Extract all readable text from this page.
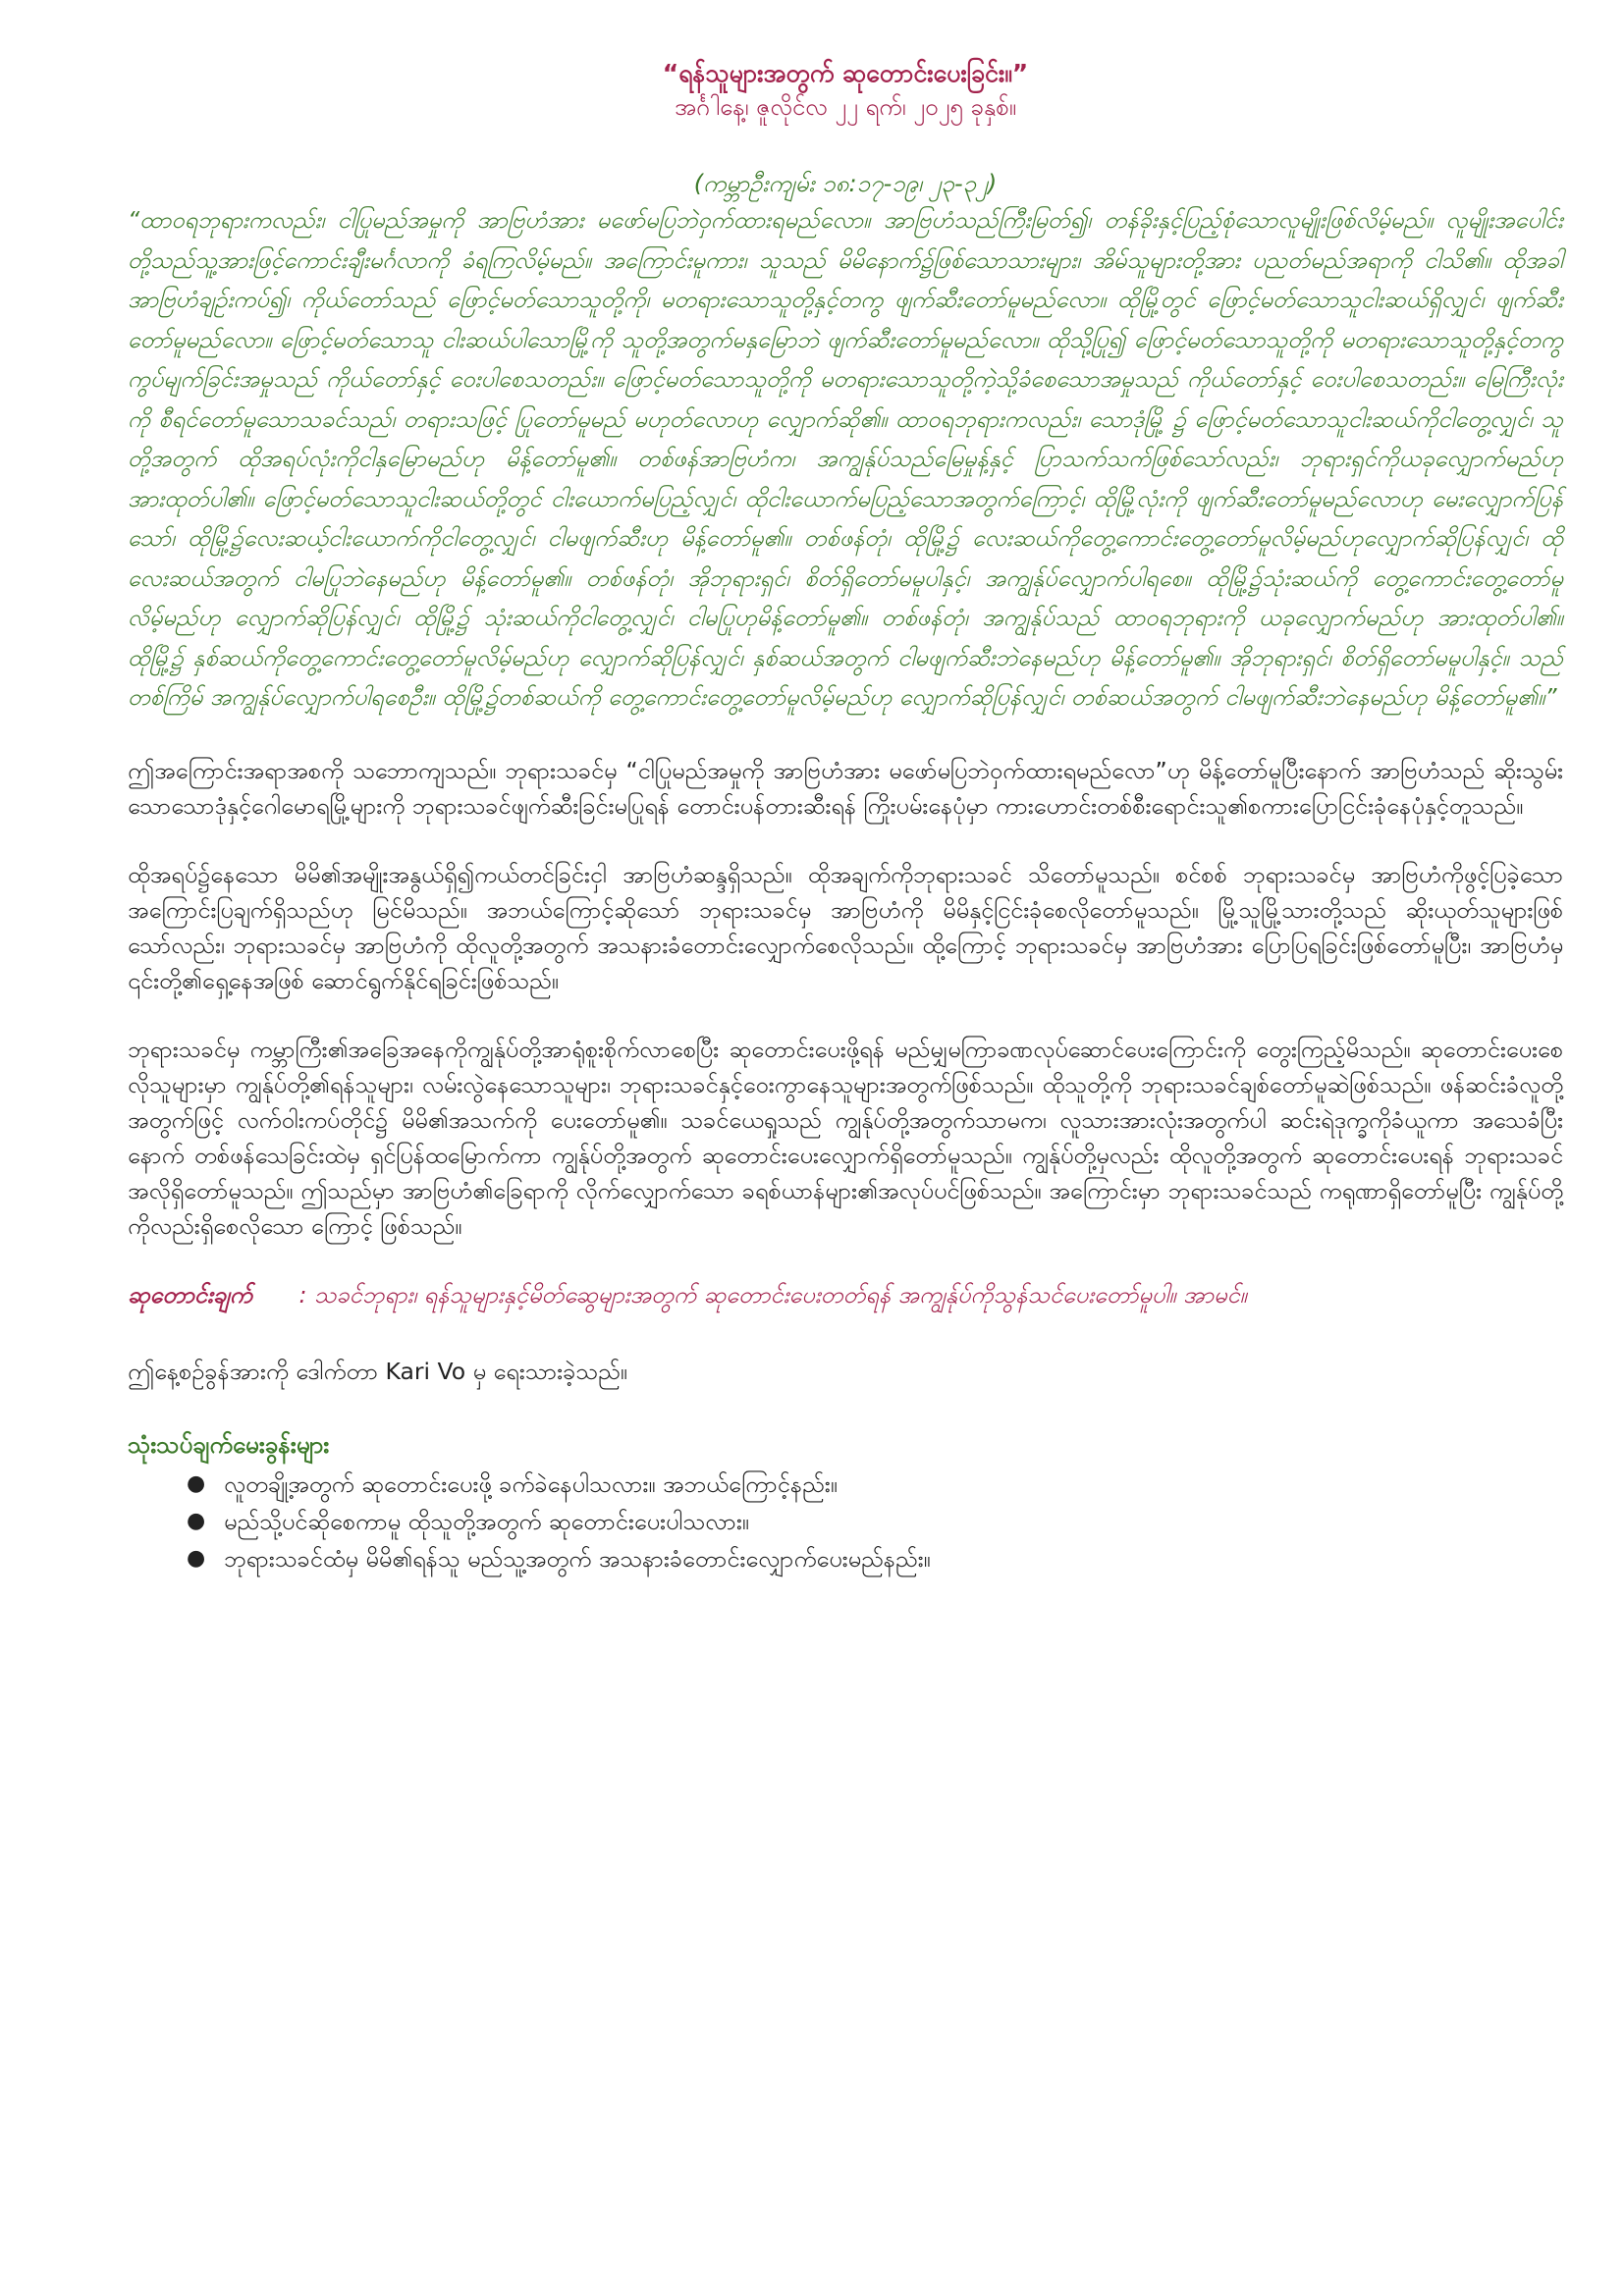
“ရန်သူများအတွက် ဆုတောင်းပေးခြင်း။”

အင်္ဂါနေ့၊ ဇူလိုင်လ ၂၂ ရက်၊ ၂၀၂၅ ခုနှစ်။

(ကမ္ဘာဦးကျမ်း ၁၈:၁၇-၁၉၊ ၂၃-၃၂)

“ထာဝရဘုရားကလည်း၊ ငါပြုမည်အမှုကို အာဗြဟံအား မဖော်မပြဘဲဝှက်ထားရမည်လော။ အာဗြဟံသည်ကြီးမြတ်၍၊ တန်ခိုးနှင့်ပြည့်စုံသောလူမျိုးဖြစ်လိမ့်မည်။ လူမျိုးအပေါင်းတို့သည်သူ့အားဖြင့်ကောင်းချီးမင်္ဂလာကို ခံရကြလိမ့်မည်။ အကြောင်းမူကား၊ သူသည် မိမိနောက်၌ဖြစ်သောသားများ၊ အိမ်သူများတို့အား ပညတ်မည်အရာကို ငါသိ၏။ ထိုအခါ အာဗြဟံချဉ်းကပ်၍၊ ကိုယ်တော်သည် ဖြောင့်မတ်သောသူတို့ကို၊ မတရားသောသူတို့နှင့်တကွ ဖျက်ဆီးတော်မူမည်လော။ ထိုမြို့တွင် ဖြောင့်မတ်သောသူငါးဆယ်ရှိလျှင်၊ ဖျက်ဆီးတော်မူမည်လော။ ဖြောင့်မတ်သောသူ ငါးဆယ်ပါသောမြို့ကို သူတို့အတွက်မနှမြောဘဲ ဖျက်ဆီးတော်မူမည်လော။ ထိုသို့ပြု၍ ဖြောင့်မတ်သောသူတို့ကို မတရားသောသူတို့နှင့်တကွ ကွပ်မျက်ခြင်းအမှုသည် ကိုယ်တော်နှင့် ဝေးပါစေသတည်း။ ဖြောင့်မတ်သောသူတို့ကို မတရားသောသူတို့ကဲ့သို့ခံစေသောအမှုသည် ကိုယ်တော်နှင့် ဝေးပါစေသတည်း။ မြေကြီးလုံးကို စီရင်တော်မူသောသခင်သည်၊ တရားသဖြင့် ပြုတော်မူမည် မဟုတ်လောဟု လျှောက်ဆို၏။ ထာဝရဘုရားကလည်း၊ သောဒုံမြို့ ၌ ဖြောင့်မတ်သောသူငါးဆယ်ကိုငါတွေ့လျှင်၊ သူတို့အတွက် ထိုအရပ်လုံးကိုငါနှမြောမည်ဟု မိန့်တော်မူ၏။ တစ်ဖန်အာဗြဟံက၊ အကျွန်ုပ်သည်မြေမှုန့်နှင့် ပြာသက်သက်ဖြစ်သော်လည်း၊ ဘုရားရှင်ကိုယခုလျှောက်မည်ဟု အားထုတ်ပါ၏။ ဖြောင့်မတ်သောသူငါးဆယ်တို့တွင် ငါးယောက်မပြည့်လျှင်၊ ထိုငါးယောက်မပြည့်သောအတွက်ကြောင့်၊ ထိုမြို့လုံးကို ဖျက်ဆီးတော်မူမည်လောဟု မေးလျှောက်ပြန်သော်၊ ထိုမြို့၌လေးဆယ့်ငါးယောက်ကိုငါတွေ့လျှင်၊ ငါမဖျက်ဆီးဟု မိန့်တော်မူ၏။ တစ်ဖန်တုံ၊ ထိုမြို့၌ လေးဆယ်ကိုတွေ့ကောင်းတွေ့တော်မူလိမ့်မည်ဟုလျှောက်ဆိုပြန်လျှင်၊ ထိုလေးဆယ်အတွက် ငါမပြုဘဲနေမည်ဟု မိန့်တော်မူ၏။ တစ်ဖန်တုံ၊ အိုဘုရားရှင်၊ စိတ်ရှိတော်မမူပါနှင့်၊ အကျွန်ုပ်လျှောက်ပါရစေ။ ထိုမြို့၌သုံးဆယ်ကို တွေ့ကောင်းတွေ့တော်မူလိမ့်မည်ဟု လျှောက်ဆိုပြန်လျှင်၊ ထိုမြို့၌ သုံးဆယ်ကိုငါတွေ့လျှင်၊ ငါမပြုဟုမိန့်တော်မူ၏။ တစ်ဖန်တုံ၊ အကျွန်ုပ်သည် ထာဝရဘုရားကို ယခုလျှောက်မည်ဟု အားထုတ်ပါ၏။ ထိုမြို့၌ နှစ်ဆယ်ကိုတွေ့ကောင်းတွေ့တော်မူလိမ့်မည်ဟု လျှောက်ဆိုပြန်လျှင်၊ နှစ်ဆယ်အတွက် ငါမဖျက်ဆီးဘဲနေမည်ဟု မိန့်တော်မူ၏။ အိုဘုရားရှင်၊ စိတ်ရှိတော်မမူပါနှင့်။ သည်တစ်ကြိမ် အကျွန်ုပ်လျှောက်ပါရစေဦး။ ထိုမြို့၌တစ်ဆယ်ကို တွေ့ကောင်းတွေ့တော်မူလိမ့်မည်ဟု လျှောက်ဆိုပြန်လျှင်၊ တစ်ဆယ်အတွက် ငါမဖျက်ဆီးဘဲနေမည်ဟု မိန့်တော်မူ၏။”

ဤအကြောင်းအရာအစကို သဘောကျသည်။ ဘုရားသခင်မှ “ငါပြုမည်အမှုကို အာဗြဟံအား မဖော်မပြဘဲဝှက်ထားရမည်လော”ဟု မိန့်တော်မူပြီးနောက် အာဗြဟံသည် ဆိုးသွမ်းသောသောဒုံနှင့်ဂေါမောရမြို့များကို ဘုရားသခင်ဖျက်ဆီးခြင်းမပြုရန် တောင်းပန်တားဆီးရန် ကြိုးပမ်းနေပုံမှာ ကားဟောင်းတစ်စီးရောင်းသူ၏စကားပြောငြင်းခုံနေပုံနှင့်တူသည်။

ထိုအရပ်၌နေသော မိမိ၏အမျိုးအနွယ်ရှိ၍ကယ်တင်ခြင်းငှါ အာဗြဟံဆန္ဒရှိသည်။ ထိုအချက်ကိုဘုရားသခင် သိတော်မူသည်။ စင်စစ် ဘုရားသခင်မှ အာဗြဟံကိုဖွင့်ပြခဲ့သော အကြောင်းပြချက်ရှိသည်ဟု မြင်မိသည်။ အဘယ်ကြောင့်ဆိုသော် ဘုရားသခင်မှ အာဗြဟံကို မိမိနှင့်ငြင်းခုံစေလိုတော်မူသည်။ မြို့သူမြို့သားတို့သည် ဆိုးယုတ်သူများဖြစ်သော်လည်း၊ ဘုရားသခင်မှ အာဗြဟံကို ထိုလူတို့အတွက် အသနားခံတောင်းလျှောက်စေလိုသည်။ ထို့ကြောင့် ဘုရားသခင်မှ အာဗြဟံအား ပြောပြရခြင်းဖြစ်တော်မူပြီး၊ အာဗြဟံမှ ၎င်းတို့၏ရှေ့နေအဖြစ် ဆောင်ရွက်နိုင်ရခြင်းဖြစ်သည်။

ဘုရားသခင်မှ ကမ္ဘာကြီး၏အခြေအနေကိုကျွန်ုပ်တို့အာရုံစူးစိုက်လာစေပြီး ဆုတောင်းပေးဖို့ရန် မည်မျှမကြာခဏလုပ်ဆောင်ပေးကြောင်းကို တွေးကြည့်မိသည်။ ဆုတောင်းပေးစေလိုသူများမှာ ကျွန်ုပ်တို့၏ရန်သူများ၊ လမ်းလွဲနေသောသူများ၊ ဘုရားသခင်နှင့်ဝေးကွာနေသူများအတွက်ဖြစ်သည်။ ထိုသူတို့ကို ဘုရားသခင်ချစ်တော်မူဆဲဖြစ်သည်။ ဖန်ဆင်းခံလူတို့အတွက်ဖြင့် လက်ဝါးကပ်တိုင်၌ မိမိ၏အသက်ကို ပေးတော်မူ၏။ သခင်ယေရှုသည် ကျွန်ုပ်တို့အတွက်သာမက၊ လူသားအားလုံးအတွက်ပါ ဆင်းရဲဒုက္ခကိုခံယူကာ အသေခံပြီးနောက် တစ်ဖန်သေခြင်းထဲမှ ရှင်ပြန်ထမြောက်ကာ ကျွန်ုပ်တို့အတွက် ဆုတောင်းပေးလျှောက်ရှိတော်မူသည်။ ကျွန်ုပ်တို့မှလည်း ထိုလူတို့အတွက် ဆုတောင်းပေးရန် ဘုရားသခင် အလိုရှိတော်မူသည်။ ဤသည်မှာ အာဗြဟံ၏ခြေရာကို လိုက်လျှောက်သော ခရစ်ယာန်များ၏အလုပ်ပင်ဖြစ်သည်။ အကြောင်းမှာ ဘုရားသခင်သည် ကရုဏာရှိတော်မူပြီး ကျွန်ုပ်တို့ကိုလည်းရှိစေလိုသော ကြောင့် ဖြစ်သည်။

ဆုတောင်းချက် : သခင်ဘုရား၊ ရန်သူများနှင့်မိတ်ဆွေများအတွက် ဆုတောင်းပေးတတ်ရန် အကျွန်ုပ်ကိုသွန်သင်ပေးတော်မူပါ။ အာမင်။

ဤနေ့စဉ်ခွန်အားကို ဒေါက်တာ Kari Vo မှ ရေးသားခဲ့သည်။

သုံးသပ်ချက်မေးခွန်းများ

● လူတချို့အတွက် ဆုတောင်းပေးဖို့ ခက်ခဲနေပါသလား။ အဘယ်ကြောင့်နည်း။
● မည်သို့ပင်ဆိုစေကာမူ ထိုသူတို့အတွက် ဆုတောင်းပေးပါသလား။
● ဘုရားသခင်ထံမှ မိမိ၏ရန်သူ မည်သူ့အတွက် အသနားခံတောင်းလျှောက်ပေးမည်နည်း။
